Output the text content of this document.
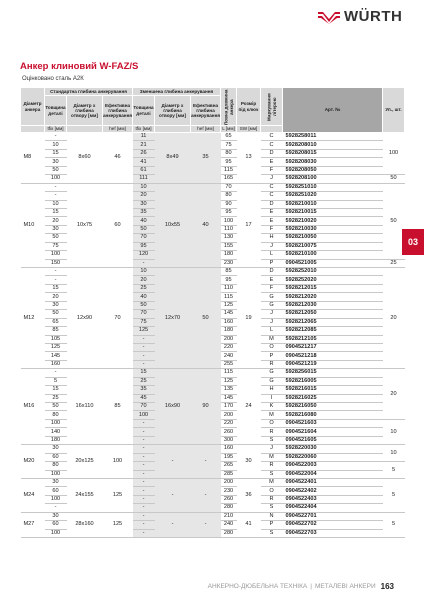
WÜRTH
Анкер клиновий W-FAZ/S
Оцінковано сталь А2К
03
Діаметр анкера	Стандартна глибина анкерування			Зменшена глибина анкерування			Повна довжина анкера	Розмір під ключ	Маркування літерою	Арт. №	Уп., шт.
	Товщина деталі	Діаметр х глибина отвору [мм]	Ефективна глибина анкерування	Товщина деталі	Діаметр х глибина отвору [мм]	Ефективна глибина анкерування					
	tfix [мм]		hef [мм]	tfix [мм]		hef [мм]	L [мм]	SW [мм]			
M8	-	8х60	46	11	8х49	35	65	13	C	5928258011	100
	10			21			75		C	5928208010	
	15			26			80		D	5928208015	
	30			41			95		E	5928208030	
	50			61			115		F	5928208050	
	100			111			165		J	5928208100	50
M10	-	10х75	60	10	10х55	40	70	17	C	5928251010	50
	-			20			80		C	5928251020	
	10			30			90		D	5928210010	
	15			35			95		E	5928210015	
	20			40			100		E	5928210020	
	30			50			110		F	5928210030	
	50			70			130		H	5928210050	
	75			95			155		J	5928210075	
	100			120			180		L	5928210100	
	150			-			230		P	0904521005	25
M12	-	12х90	70	10	12х70	50	85	19	D	5928252010	20
	-			20			95		E	5928252020	
	15			25			110		F	5928212015	
	20			40			115		G	5928212020	
	30			50			125		G	5928212030	
	50			70			145		J	5928212050	
	65			75			160		J	5928212065	
	85			125			180		L	5928212085	
	105			-			200		M	5928212105	
	125			-			220		O	0904521217	
	145			-			240		P	0904521218	
	160			-			255		R	0904521219	
M16	-	16х110	85	15	16х90	90	115	24	G	5928256015	20
	5			25			125		G	5928216005	
	15			35			135		H	5928216015	
	25			45			145		I	5928216025	
	50			70			170		K	5928216050	
	80			100			200		M	5928216080	
	100			-			220		O	0904521603	10
	140			-			260		R	0904521604	
	180			-			300		S	0904521605	
M20	30	20х125	100	-	-	-	160	30	J	5928220030	10
	60			-			195		M	5928220060	
	80			-			265		R	0904522003	5
	100			-			285		S	0904522004	
M24	30	24х155	125	-	-	-	200	36	M	0904522401	5
	60			-			230		O	0904522402	
	100			-			260		R	0904522403	
	-			-			280		S	0904522404	
M27	30	28х160	125	-	-	-	210	41	N	0904522701	5
	60			-			240		P	0904522702	
	100			-			280		S	0904522703	
АНКЕРНО-ДЮБЕЛЬНА ТЕХНІКА | МЕТАЛЕВІ АНКЕРИ 163
